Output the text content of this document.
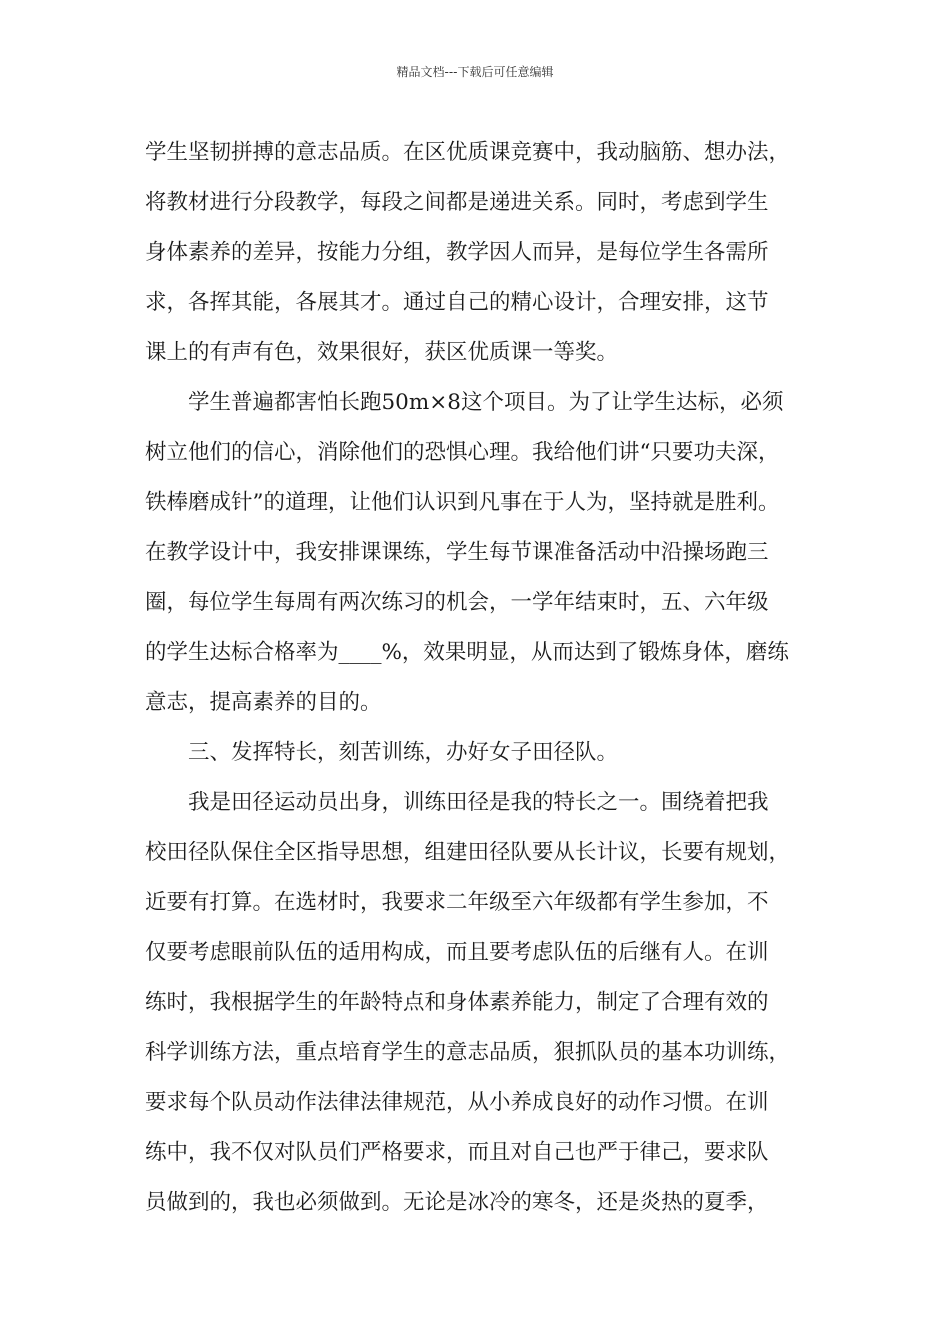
精品文档---下载后可任意编辑
学生坚韧拼搏的意志品质。在区优质课竞赛中，我动脑筋、想办法，
将教材进行分段教学，每段之间都是递进关系。同时，考虑到学生
身体素养的差异，按能力分组，教学因人而异，是每位学生各需所
求，各挥其能，各展其才。通过自己的精心设计，合理安排，这节
课上的有声有色，效果很好，获区优质课一等奖。
学生普遍都害怕长跑50m×8这个项目。为了让学生达标，必须
树立他们的信心，消除他们的恐惧心理。我给他们讲“只要功夫深，
铁棒磨成针”的道理，让他们认识到凡事在于人为，坚持就是胜利。
在教学设计中，我安排课课练，学生每节课准备活动中沿操场跑三
圈，每位学生每周有两次练习的机会，一学年结束时，五、六年级
的学生达标合格率为____%，效果明显，从而达到了锻炼身体，磨练
意志，提高素养的目的。
三、发挥特长，刻苦训练，办好女子田径队。
我是田径运动员出身，训练田径是我的特长之一。围绕着把我
校田径队保住全区指导思想，组建田径队要从长计议，长要有规划，
近要有打算。在选材时，我要求二年级至六年级都有学生参加，不
仅要考虑眼前队伍的适用构成，而且要考虑队伍的后继有人。在训
练时，我根据学生的年龄特点和身体素养能力，制定了合理有效的
科学训练方法，重点培育学生的意志品质，狠抓队员的基本功训练，
要求每个队员动作法律法律规范，从小养成良好的动作习惯。在训
练中，我不仅对队员们严格要求，而且对自己也严于律己，要求队
员做到的，我也必须做到。无论是冰冷的寒冬，还是炎热的夏季，
